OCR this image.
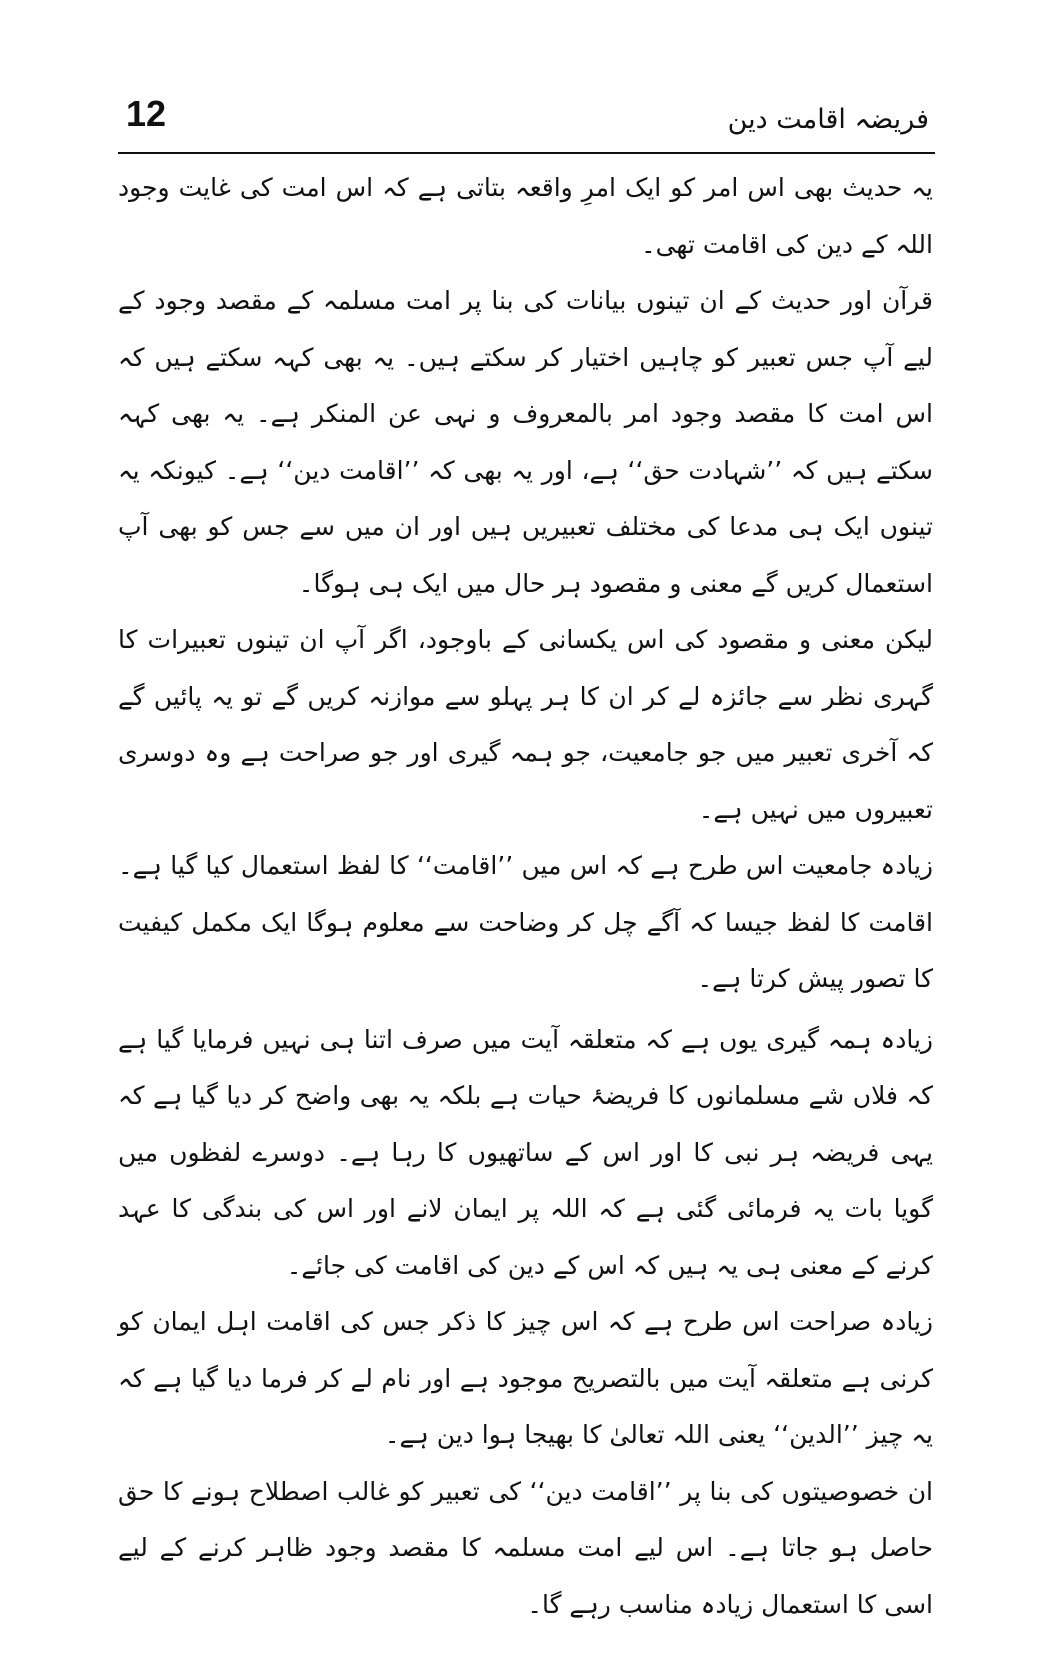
12	فریضہ اقامت دین

یہ حدیث بھی اس امر کو ایک امرِ واقعہ بتاتی ہے کہ اس امت کی غایت وجود اللہ کے دین کی اقامت تھی۔

قرآن اور حدیث کے ان تینوں بیانات کی بنا پر امت مسلمہ کے مقصد وجود کے لیے آپ جس تعبیر کو چاہیں اختیار کر سکتے ہیں۔ یہ بھی کہہ سکتے ہیں کہ اس امت کا مقصد وجود امر بالمعروف و نہی عن المنکر ہے۔ یہ بھی کہہ سکتے ہیں کہ ’’شہادت حق‘‘ ہے، اور یہ بھی کہ ’’اقامت دین‘‘ ہے۔ کیونکہ یہ تینوں ایک ہی مدعا کی مختلف تعبیریں ہیں اور ان میں سے جس کو بھی آپ استعمال کریں گے معنی و مقصود ہر حال میں ایک ہی ہوگا۔

لیکن معنی و مقصود کی اس یکسانی کے باوجود، اگر آپ ان تینوں تعبیرات کا گہری نظر سے جائزہ لے کر ان کا ہر پہلو سے موازنہ کریں گے تو یہ پائیں گے کہ آخری تعبیر میں جو جامعیت، جو ہمہ گیری اور جو صراحت ہے وہ دوسری تعبیروں میں نہیں ہے۔

زیادہ جامعیت اس طرح ہے کہ اس میں ’’اقامت‘‘ کا لفظ استعمال کیا گیا ہے۔ اقامت کا لفظ جیسا کہ آگے چل کر وضاحت سے معلوم ہوگا ایک مکمل کیفیت کا تصور پیش کرتا ہے۔

زیادہ ہمہ گیری یوں ہے کہ متعلقہ آیت میں صرف اتنا ہی نہیں فرمایا گیا ہے کہ فلاں شے مسلمانوں کا فریضۂ حیات ہے بلکہ یہ بھی واضح کر دیا گیا ہے کہ یہی فریضہ ہر نبی کا اور اس کے ساتھیوں کا رہا ہے۔ دوسرے لفظوں میں گویا بات یہ فرمائی گئی ہے کہ اللہ پر ایمان لانے اور اس کی بندگی کا عہد کرنے کے معنی ہی یہ ہیں کہ اس کے دین کی اقامت کی جائے۔

زیادہ صراحت اس طرح ہے کہ اس چیز کا ذکر جس کی اقامت اہل ایمان کو کرنی ہے متعلقہ آیت میں بالتصریح موجود ہے اور نام لے کر فرما دیا گیا ہے کہ یہ چیز ’’الدین‘‘ یعنی اللہ تعالیٰ کا بھیجا ہوا دین ہے۔

ان خصوصیتوں کی بنا پر ’’اقامت دین‘‘ کی تعبیر کو غالب اصطلاح ہونے کا حق حاصل ہو جاتا ہے۔ اس لیے امت مسلمہ کا مقصد وجود ظاہر کرنے کے لیے اسی کا استعمال زیادہ مناسب رہے گا۔
